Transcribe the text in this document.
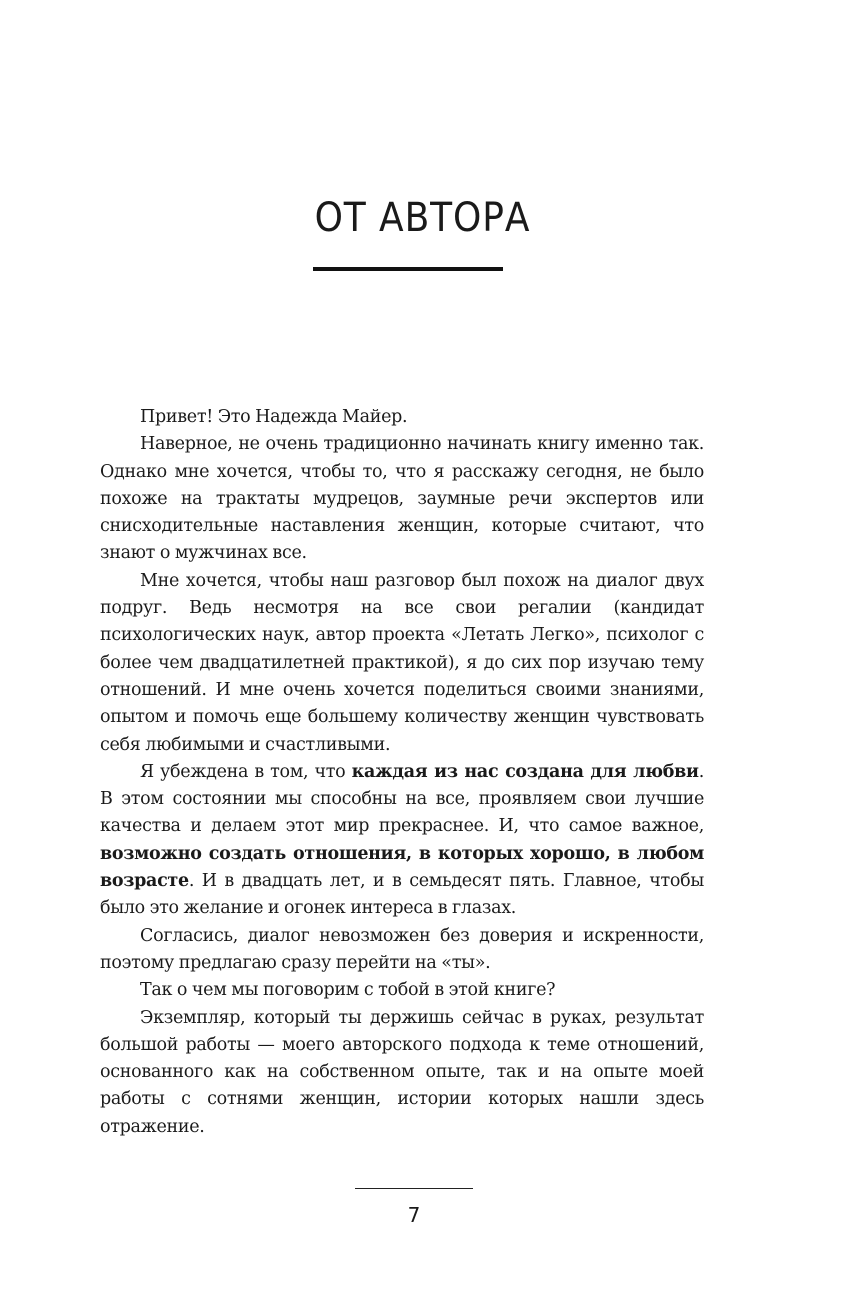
ОТ АВТОРА

Привет! Это Надежда Майер.

Наверное, не очень традиционно начинать книгу именно так. Однако мне хочется, чтобы то, что я расскажу сегодня, не было похоже на трактаты мудрецов, заумные речи экспертов или снисходительные наставления женщин, которые считают, что знают о мужчинах все.

Мне хочется, чтобы наш разговор был похож на диалог двух подруг. Ведь несмотря на все свои регалии (кандидат психологических наук, автор проекта «Летать Легко», психолог с более чем двадцатилетней практикой), я до сих пор изучаю тему отношений. И мне очень хочется поделиться своими знаниями, опытом и помочь еще большему количеству женщин чувствовать себя любимыми и счастливыми.

Я убеждена в том, что каждая из нас создана для любви. В этом состоянии мы способны на все, проявляем свои лучшие качества и делаем этот мир прекраснее. И, что самое важное, возможно создать отношения, в которых хорошо, в любом возрасте. И в двадцать лет, и в семьдесят пять. Главное, чтобы было это желание и огонек интереса в глазах.

Согласись, диалог невозможен без доверия и искренности, поэтому предлагаю сразу перейти на «ты».

Так о чем мы поговорим с тобой в этой книге?

Экземпляр, который ты держишь сейчас в руках, результат большой работы — моего авторского подхода к теме отношений, основанного как на собственном опыте, так и на опыте моей работы с сотнями женщин, истории которых нашли здесь отражение.

7
